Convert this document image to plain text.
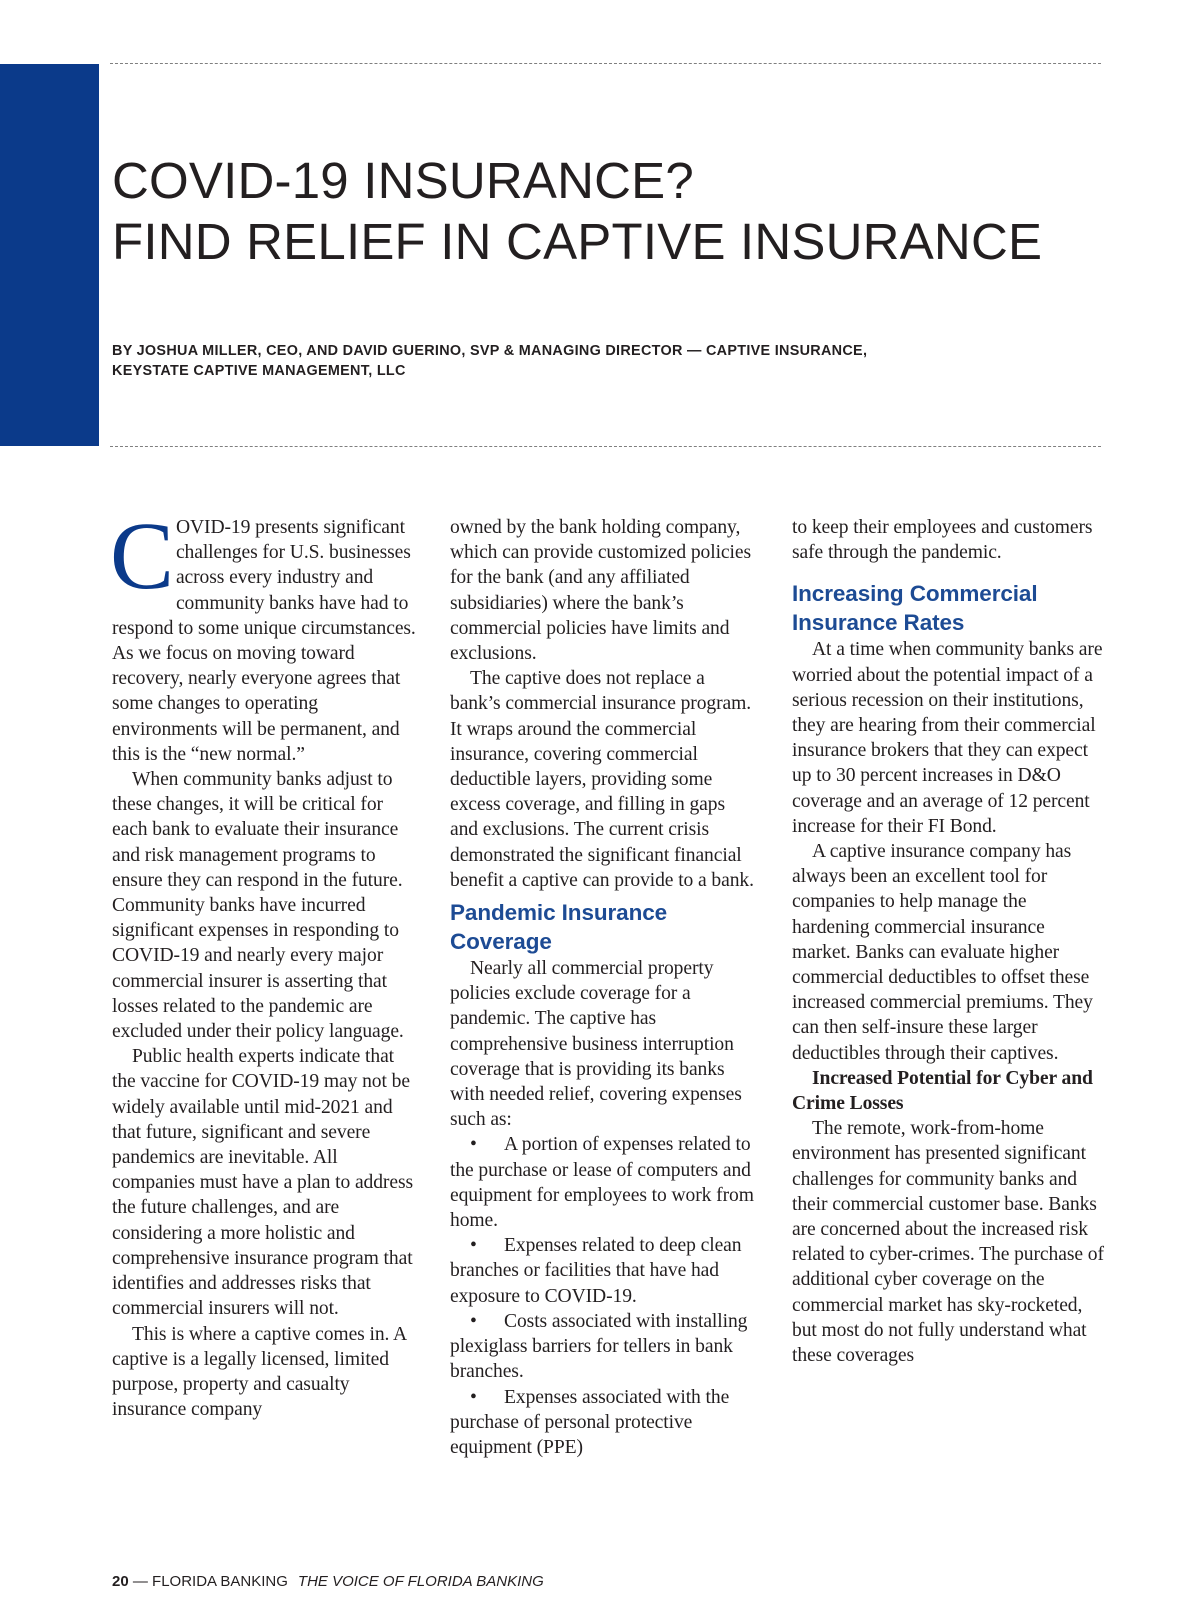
COVID-19 INSURANCE?
FIND RELIEF IN CAPTIVE INSURANCE
BY JOSHUA MILLER, CEO, AND DAVID GUERINO, SVP & MANAGING DIRECTOR — CAPTIVE INSURANCE,
KEYSTATE CAPTIVE MANAGEMENT, LLC

COVID-19 presents significant challenges for U.S. businesses across every industry and community banks have had to respond to some unique circumstances. As we focus on moving toward recovery, nearly everyone agrees that some changes to operating environments will be permanent, and this is the “new normal.”

When community banks adjust to these changes, it will be critical for each bank to evaluate their insurance and risk management programs to ensure they can respond in the future. Community banks have incurred significant expenses in responding to COVID-19 and nearly every major commercial insurer is asserting that losses related to the pandemic are excluded under their policy language.

Public health experts indicate that the vaccine for COVID-19 may not be widely available until mid-2021 and that future, significant and severe pandemics are inevitable. All companies must have a plan to address the future challenges, and are considering a more holistic and comprehensive insurance program that identifies and addresses risks that commercial insurers will not.

This is where a captive comes in. A captive is a legally licensed, limited purpose, property and casualty insurance company

owned by the bank holding company, which can provide customized policies for the bank (and any affiliated subsidiaries) where the bank’s commercial policies have limits and exclusions.

The captive does not replace a bank’s commercial insurance program. It wraps around the commercial insurance, covering commercial deductible layers, providing some excess coverage, and filling in gaps and exclusions. The current crisis demonstrated the significant financial benefit a captive can provide to a bank.

Pandemic Insurance
Coverage

Nearly all commercial property policies exclude coverage for a pandemic. The captive has comprehensive business interruption coverage that is providing its banks with needed relief, covering expenses such as:

• A portion of expenses related to the purchase or lease of computers and equipment for employees to work from home.

• Expenses related to deep clean branches or facilities that have had exposure to COVID-19.

• Costs associated with installing plexiglass barriers for tellers in bank branches.

• Expenses associated with the purchase of personal protective equipment (PPE)

to keep their employees and customers safe through the pandemic.

Increasing Commercial
Insurance Rates

At a time when community banks are worried about the potential impact of a serious recession on their institutions, they are hearing from their commercial insurance brokers that they can expect up to 30 percent increases in D&O coverage and an average of 12 percent increase for their FI Bond.

A captive insurance company has always been an excellent tool for companies to help manage the hardening commercial insurance market. Banks can evaluate higher commercial deductibles to offset these increased commercial premiums. They can then self-insure these larger deductibles through their captives.

Increased Potential for Cyber and Crime Losses

The remote, work-from-home environment has presented significant challenges for community banks and their commercial customer base. Banks are concerned about the increased risk related to cyber-crimes. The purchase of additional cyber coverage on the commercial market has sky-rocketed, but most do not fully understand what these coverages

20 — FLORIDA BANKING THE VOICE OF FLORIDA BANKING
